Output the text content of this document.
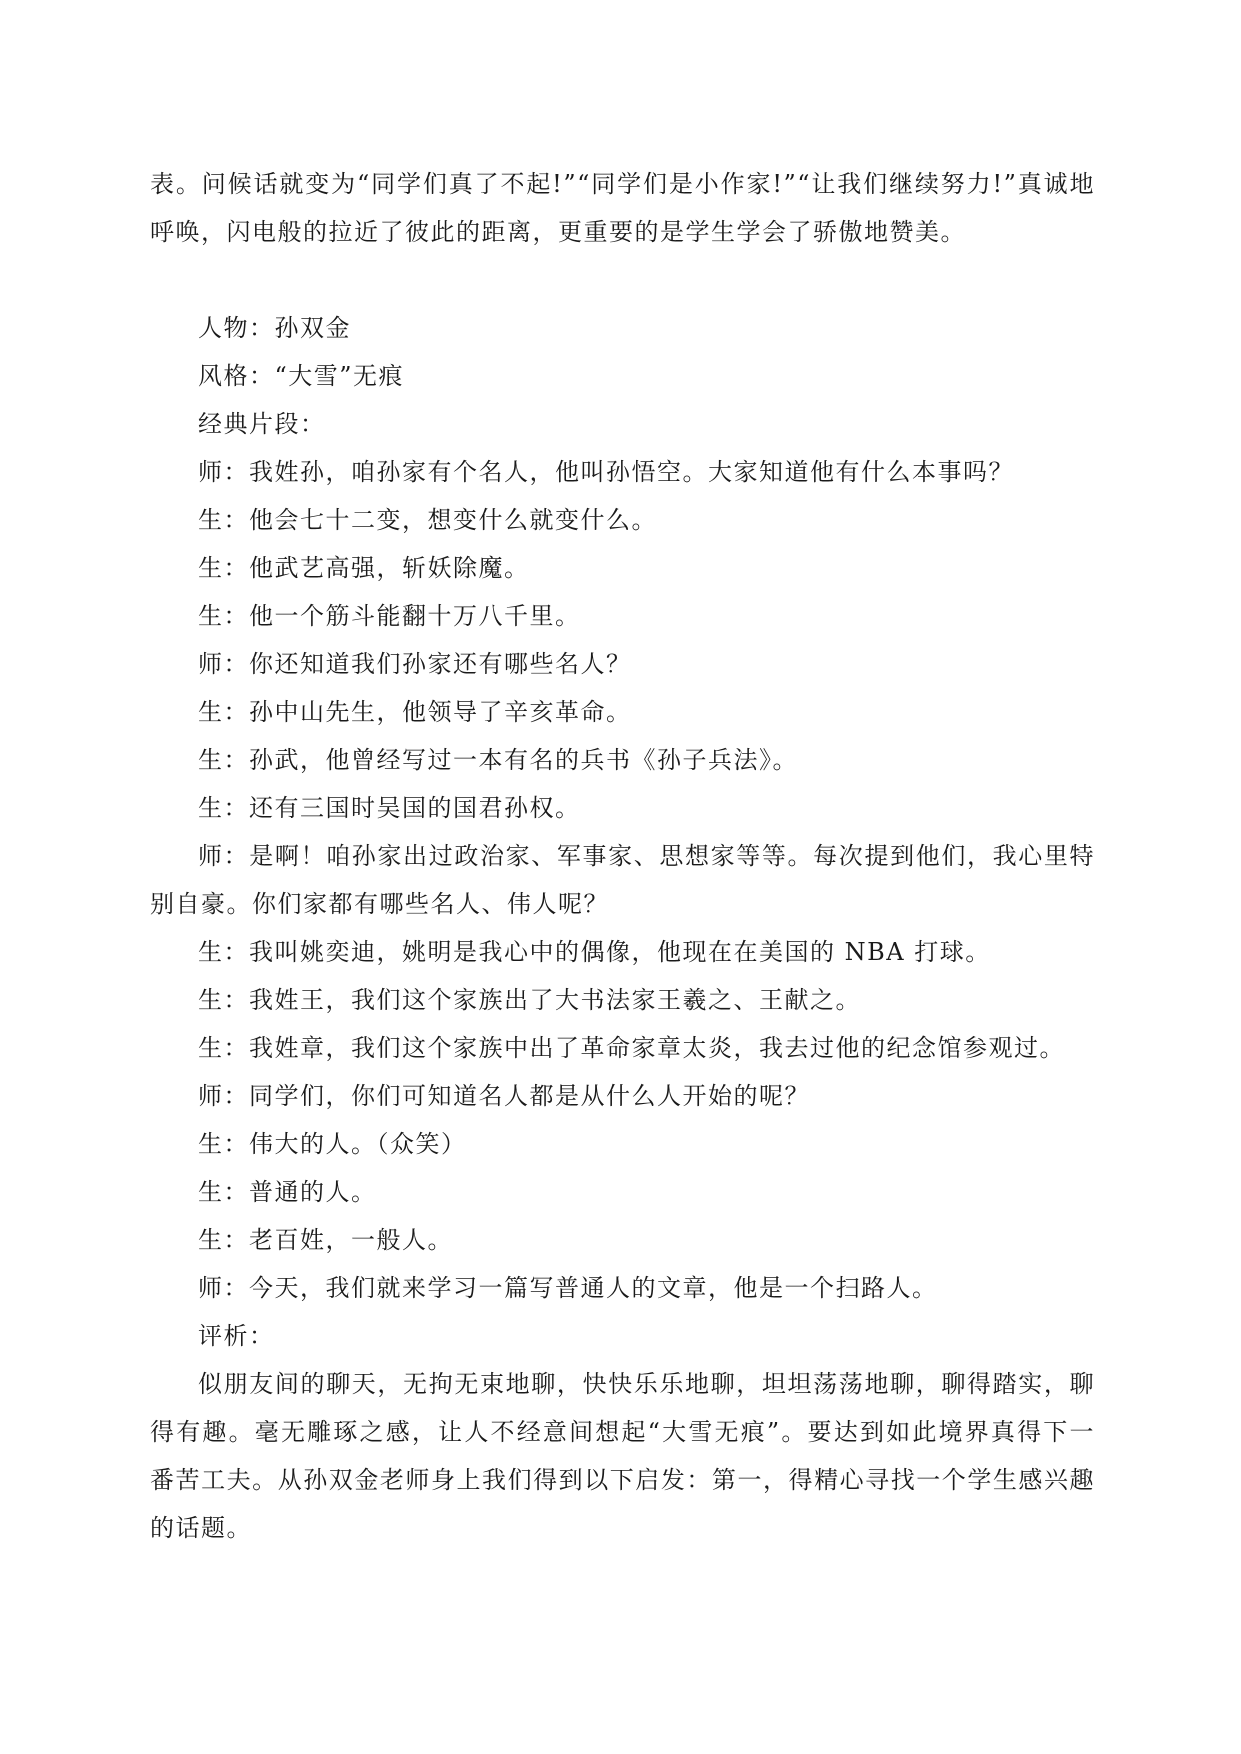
表。问候话就变为“同学们真了不起!”“同学们是小作家!”“让我们继续努力!”真诚地呼唤，闪电般的拉近了彼此的距离，更重要的是学生学会了骄傲地赞美。

人物：孙双金

风格：“大雪”无痕

经典片段：

师：我姓孙，咱孙家有个名人，他叫孙悟空。大家知道他有什么本事吗？

生：他会七十二变，想变什么就变什么。

生：他武艺高强，斩妖除魔。

生：他一个筋斗能翻十万八千里。

师：你还知道我们孙家还有哪些名人？

生：孙中山先生，他领导了辛亥革命。

生：孙武，他曾经写过一本有名的兵书《孙子兵法》。

生：还有三国时吴国的国君孙权。

师：是啊！咱孙家出过政治家、军事家、思想家等等。每次提到他们，我心里特别自豪。你们家都有哪些名人、伟人呢？

生：我叫姚奕迪，姚明是我心中的偶像，他现在在美国的 NBA 打球。

生：我姓王，我们这个家族出了大书法家王羲之、王献之。

生：我姓章，我们这个家族中出了革命家章太炎，我去过他的纪念馆参观过。

师：同学们，你们可知道名人都是从什么人开始的呢？

生：伟大的人。（众笑）

生：普通的人。

生：老百姓，一般人。

师：今天，我们就来学习一篇写普通人的文章，他是一个扫路人。

评析：

似朋友间的聊天，无拘无束地聊，快快乐乐地聊，坦坦荡荡地聊，聊得踏实，聊得有趣。毫无雕琢之感，让人不经意间想起“大雪无痕”。要达到如此境界真得下一番苦工夫。从孙双金老师身上我们得到以下启发：第一，得精心寻找一个学生感兴趣的话题。
